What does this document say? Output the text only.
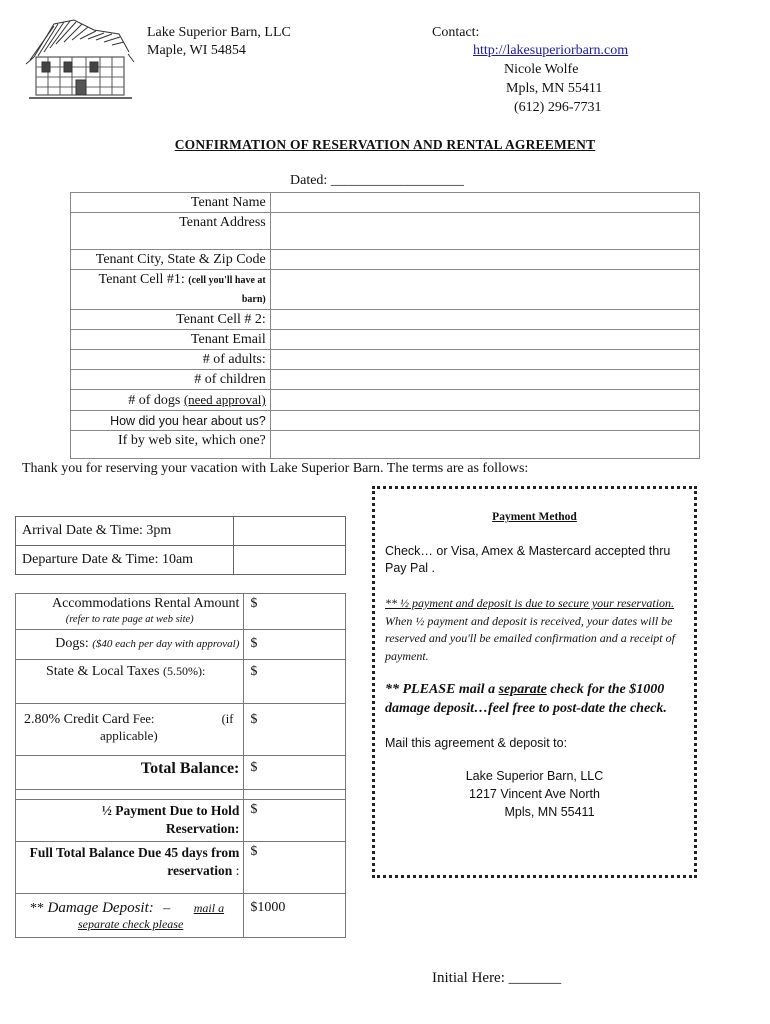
Lake Superior Barn, LLC
Maple, WI 54854
Contact:
http://lakesuperiorbarn.com
Nicole Wolfe
Mpls, MN 55411
(612) 296-7731
CONFIRMATION OF RESERVATION AND RENTAL AGREEMENT
Dated: ___________________
Tenant Name	
Tenant Address	
Tenant City, State & Zip Code	
Tenant Cell #1: (cell you'll have at
barn)	
Tenant Cell # 2:	
Tenant Email	
# of adults:	
# of children	
# of dogs (need approval)	
How did you hear about us?	
If by web site, which one?	
Thank you for reserving your vacation with Lake Superior Barn. The terms are as follows:
Arrival Date & Time: 3pm	
Departure Date & Time: 10am	
Accommodations Rental Amount
(refer to rate page at web site)	$
Dogs: ($40 each per day with approval)	$
State & Local Taxes (5.50%):	$

2.80% Credit Card Fee: (if
applicable)	$
Total Balance:	$

½ Payment Due to Hold Reservation:	$
Full Total Balance Due 45 days from reservation :	$

** Damage Deposit: – mail a
separate check please	$1000
Payment Method
Check… or Visa, Amex & Mastercard accepted thru Pay Pal .
** ½ payment and deposit is due to secure your reservation. When ½ payment and deposit is received, your dates will be reserved and you'll be emailed confirmation and a receipt of payment.
** PLEASE mail a separate check for the $1000 damage deposit…feel free to post-date the check.
Mail this agreement & deposit to:
Lake Superior Barn, LLC
1217 Vincent Ave North
Mpls, MN 55411
Initial Here: _______
